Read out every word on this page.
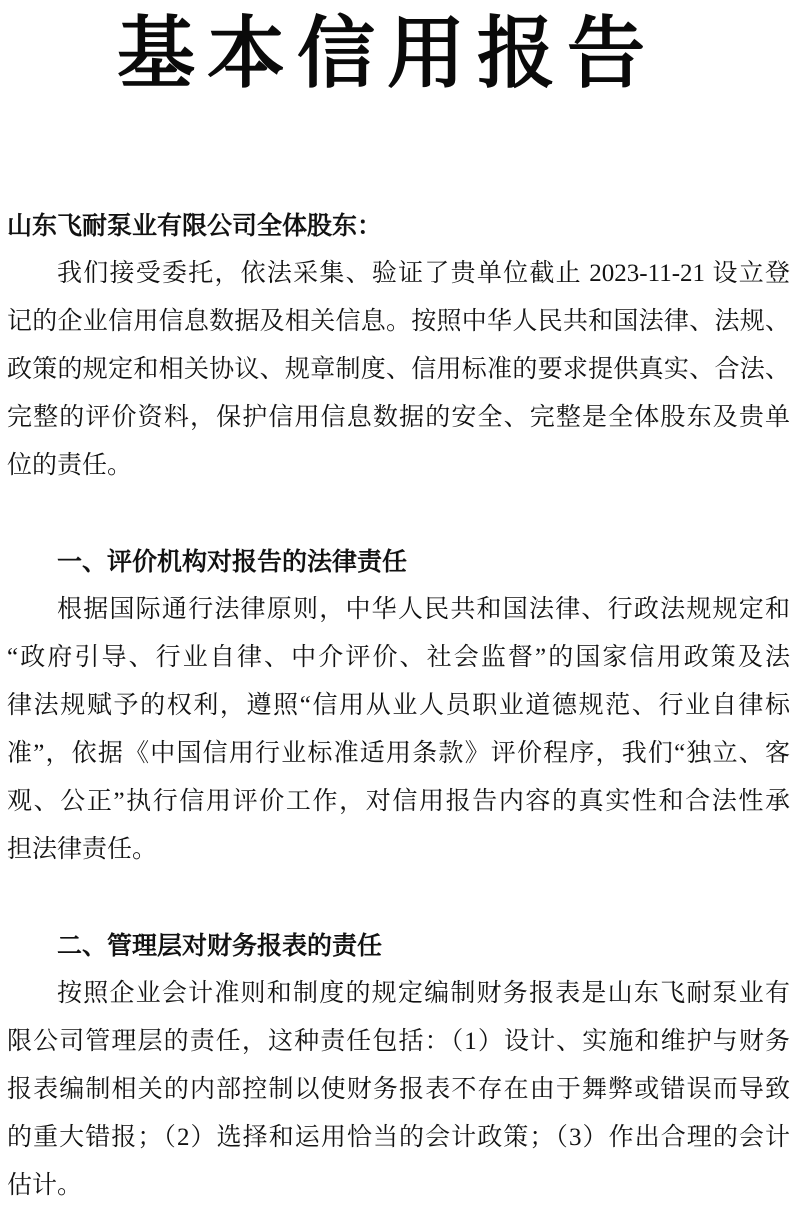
基本信用报告

山东飞耐泵业有限公司全体股东：

我们接受委托，依法采集、验证了贵单位截止 2023-11-21 设立登
记的企业信用信息数据及相关信息。按照中华人民共和国法律、法规、
政策的规定和相关协议、规章制度、信用标准的要求提供真实、合法、
完整的评价资料，保护信用信息数据的安全、完整是全体股东及贵单
位的责任。
一、评价机构对报告的法律责任
根据国际通行法律原则，中华人民共和国法律、行政法规规定和
“政府引导、行业自律、中介评价、社会监督”的国家信用政策及法
律法规赋予的权利，遵照“信用从业人员职业道德规范、行业自律标
准”，依据《中国信用行业标准适用条款》评价程序，我们“独立、客
观、公正”执行信用评价工作，对信用报告内容的真实性和合法性承
担法律责任。
二、管理层对财务报表的责任
按照企业会计准则和制度的规定编制财务报表是山东飞耐泵业有
限公司管理层的责任，这种责任包括：（1）设计、实施和维护与财务
报表编制相关的内部控制以使财务报表不存在由于舞弊或错误而导致
的重大错报；（2）选择和运用恰当的会计政策；（3）作出合理的会计
估计。
